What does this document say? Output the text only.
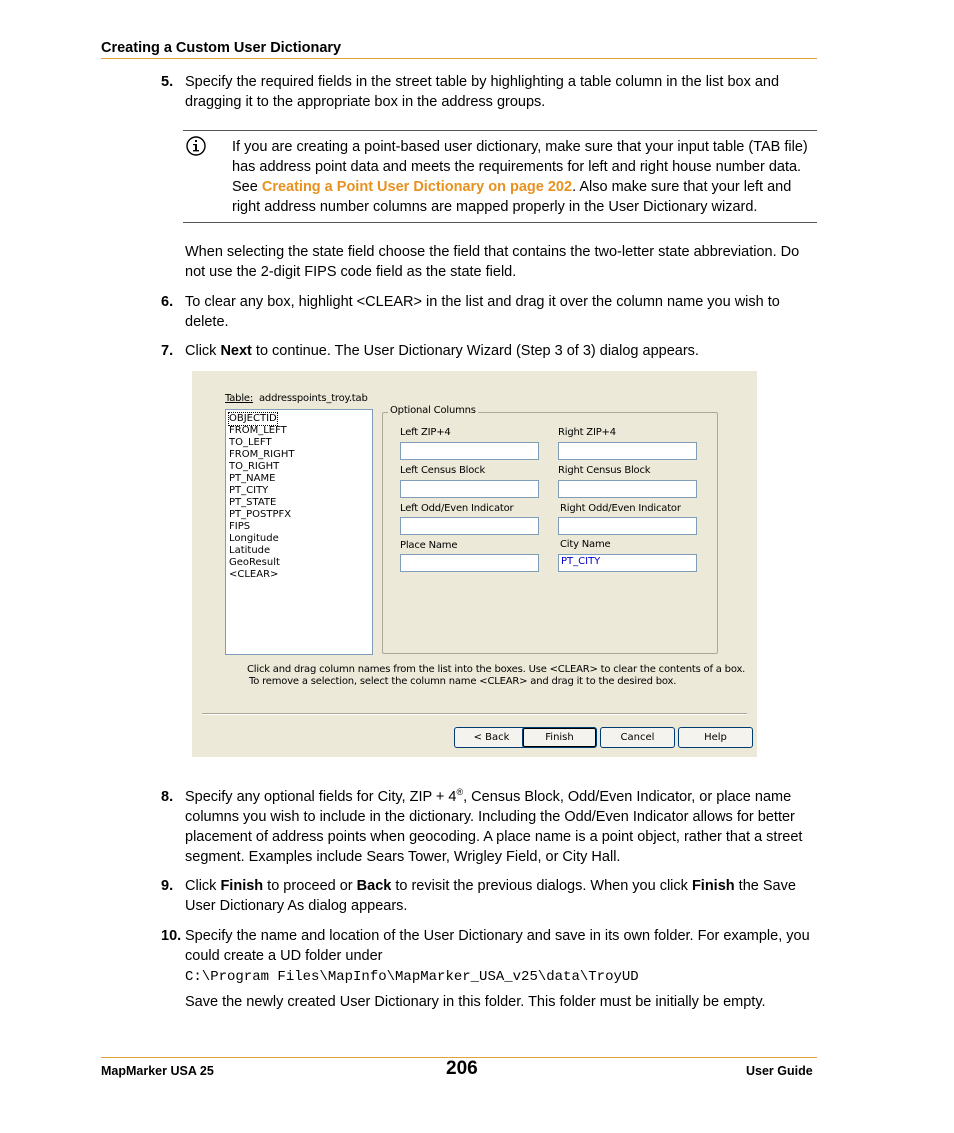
Creating a Custom User Dictionary
5. Specify the required fields in the street table by highlighting a table column in the list box and dragging it to the appropriate box in the address groups.
If you are creating a point-based user dictionary, make sure that your input table (TAB file) has address point data and meets the requirements for left and right house number data. See Creating a Point User Dictionary on page 202. Also make sure that your left and right address number columns are mapped properly in the User Dictionary wizard.
When selecting the state field choose the field that contains the two-letter state abbreviation. Do not use the 2-digit FIPS code field as the state field.
6. To clear any box, highlight <CLEAR> in the list and drag it over the column name you wish to delete.
7. Click Next to continue. The User Dictionary Wizard (Step 3 of 3) dialog appears.
Table: addresspoints_troy.tab
OBJECTID
FROM_LEFT
TO_LEFT
FROM_RIGHT
TO_RIGHT
PT_NAME
PT_CITY
PT_STATE
PT_POSTPFX
FIPS
Longitude
Latitude
GeoResult
<CLEAR>
Optional Columns
Left ZIP+4	Right ZIP+4
Left Census Block	Right Census Block
Left Odd/Even Indicator	Right Odd/Even Indicator
Place Name	City Name
PT_CITY
Click and drag column names from the list into the boxes. Use <CLEAR> to clear the contents of a box.
To remove a selection, select the column name <CLEAR> and drag it to the desired box.
< Back	Finish	Cancel	Help
8. Specify any optional fields for City, ZIP + 4®, Census Block, Odd/Even Indicator, or place name columns you wish to include in the dictionary. Including the Odd/Even Indicator allows for better placement of address points when geocoding. A place name is a point object, rather that a street segment. Examples include Sears Tower, Wrigley Field, or City Hall.
9. Click Finish to proceed or Back to revisit the previous dialogs. When you click Finish the Save User Dictionary As dialog appears.
10. Specify the name and location of the User Dictionary and save in its own folder. For example, you could create a UD folder under
C:\Program Files\MapInfo\MapMarker_USA_v25\data\TroyUD
Save the newly created User Dictionary in this folder. This folder must be initially be empty.
MapMarker USA 25	206	User Guide
